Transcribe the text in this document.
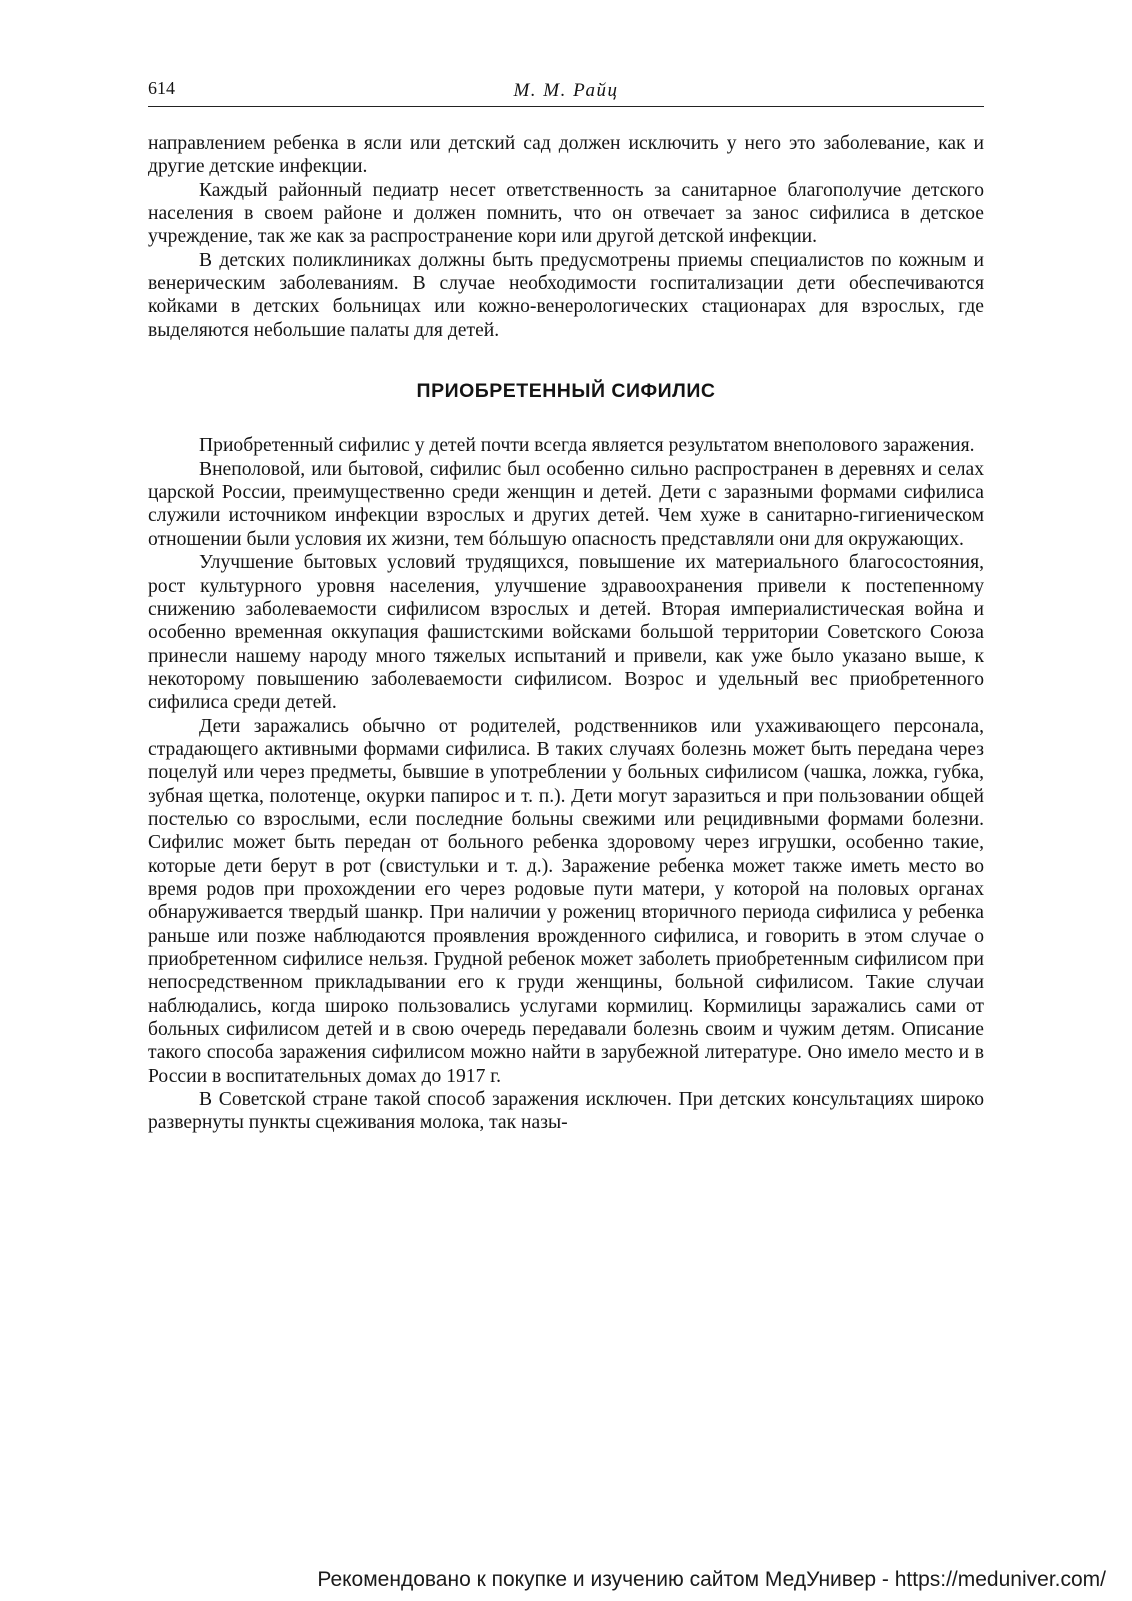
614	М. М. Райц

направлением ребенка в ясли или детский сад должен исключить у него это заболевание, как и другие детские инфекции.

Каждый районный педиатр несет ответственность за санитарное благополучие детского населения в своем районе и должен помнить, что он отвечает за занос сифилиса в детское учреждение, так же как за распространение кори или другой детской инфекции.

В детских поликлиниках должны быть предусмотрены приемы специалистов по кожным и венерическим заболеваниям. В случае необходимости госпитализации дети обеспечиваются койками в детских больницах или кожно-венерологических стационарах для взрослых, где выделяются небольшие палаты для детей.

ПРИОБРЕТЕННЫЙ СИФИЛИС

Приобретенный сифилис у детей почти всегда является результатом внеполового заражения.

Внеполовой, или бытовой, сифилис был особенно сильно распространен в деревнях и селах царской России, преимущественно среди женщин и детей. Дети с заразными формами сифилиса служили источником инфекции взрослых и других детей. Чем хуже в санитарно-гигиеническом отношении были условия их жизни, тем бóльшую опасность представляли они для окружающих.

Улучшение бытовых условий трудящихся, повышение их материального благосостояния, рост культурного уровня населения, улучшение здравоохранения привели к постепенному снижению заболеваемости сифилисом взрослых и детей. Вторая империалистическая война и особенно временная оккупация фашистскими войсками большой территории Советского Союза принесли нашему народу много тяжелых испытаний и привели, как уже было указано выше, к некоторому повышению заболеваемости сифилисом. Возрос и удельный вес приобретенного сифилиса среди детей.

Дети заражались обычно от родителей, родственников или ухаживающего персонала, страдающего активными формами сифилиса. В таких случаях болезнь может быть передана через поцелуй или через предметы, бывшие в употреблении у больных сифилисом (чашка, ложка, губка, зубная щетка, полотенце, окурки папирос и т. п.). Дети могут заразиться и при пользовании общей постелью со взрослыми, если последние больны свежими или рецидивными формами болезни. Сифилис может быть передан от больного ребенка здоровому через игрушки, особенно такие, которые дети берут в рот (свистульки и т. д.). Заражение ребенка может также иметь место во время родов при прохождении его через родовые пути матери, у которой на половых органах обнаруживается твердый шанкр. При наличии у рожениц вторичного периода сифилиса у ребенка раньше или позже наблюдаются проявления врожденного сифилиса, и говорить в этом случае о приобретенном сифилисе нельзя. Грудной ребенок может заболеть приобретенным сифилисом при непосредственном прикладывании его к груди женщины, больной сифилисом. Такие случаи наблюдались, когда широко пользовались услугами кормилиц. Кормилицы заражались сами от больных сифилисом детей и в свою очередь передавали болезнь своим и чужим детям. Описание такого способа заражения сифилисом можно найти в зарубежной литературе. Оно имело место и в России в воспитательных домах до 1917 г.

В Советской стране такой способ заражения исключен. При детских консультациях широко развернуты пункты сцеживания молока, так назы-

Рекомендовано к покупке и изучению сайтом МедУнивер - https://meduniver.com/
